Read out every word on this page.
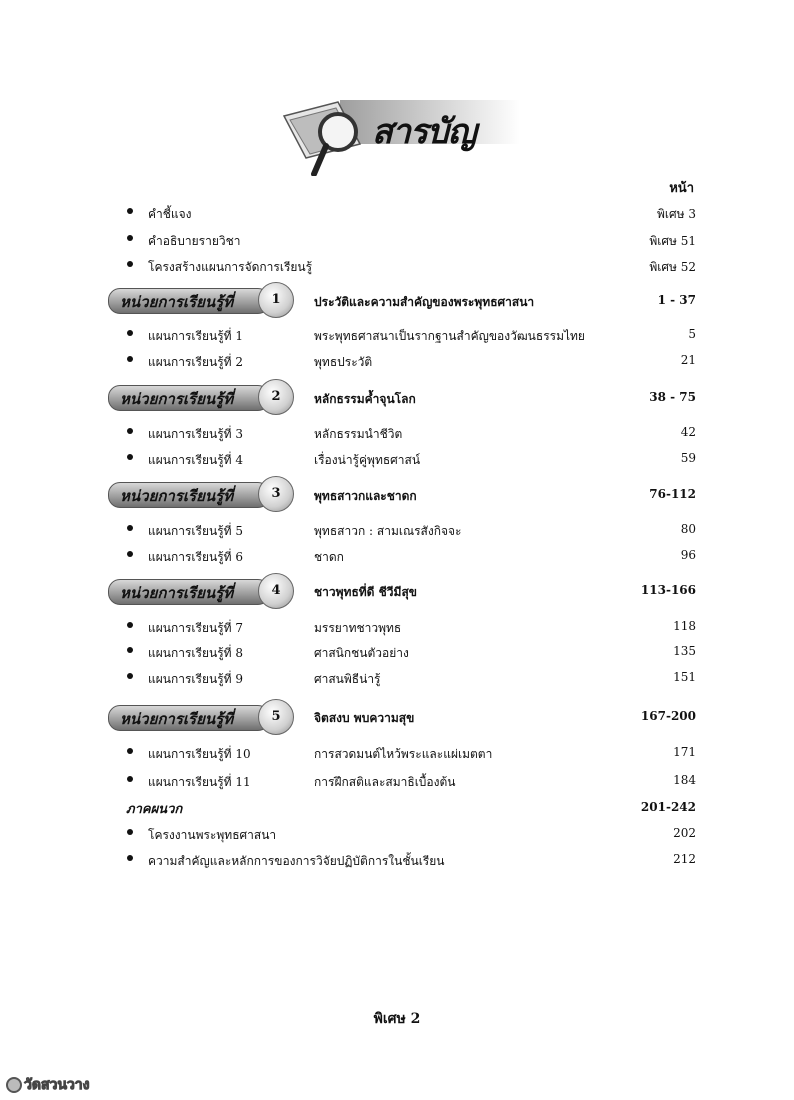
สารบัญ
หน้า
คำชี้แจง	พิเศษ 3
คำอธิบายรายวิชา	พิเศษ 51
โครงสร้างแผนการจัดการเรียนรู้	พิเศษ 52
หน่วยการเรียนรู้ที่	1	ประวัติและความสำคัญของพระพุทธศาสนา	1 - 37
แผนการเรียนรู้ที่ 1	พระพุทธศาสนาเป็นรากฐานสำคัญของวัฒนธรรมไทย	5
แผนการเรียนรู้ที่ 2	พุทธประวัติ	21
หน่วยการเรียนรู้ที่	2	หลักธรรมค้ำจุนโลก	38 - 75
แผนการเรียนรู้ที่ 3	หลักธรรมนำชีวิต	42
แผนการเรียนรู้ที่ 4	เรื่องน่ารู้คู่พุทธศาสน์	59
หน่วยการเรียนรู้ที่	3	พุทธสาวกและชาดก	76-112
แผนการเรียนรู้ที่ 5	พุทธสาวก : สามเณรสังกิจจะ	80
แผนการเรียนรู้ที่ 6	ชาดก	96
หน่วยการเรียนรู้ที่	4	ชาวพุทธที่ดี ชีวีมีสุข	113-166
แผนการเรียนรู้ที่ 7	มรรยาทชาวพุทธ	118
แผนการเรียนรู้ที่ 8	ศาสนิกชนตัวอย่าง	135
แผนการเรียนรู้ที่ 9	ศาสนพิธีน่ารู้	151
หน่วยการเรียนรู้ที่	5	จิตสงบ พบความสุข	167-200
แผนการเรียนรู้ที่ 10	การสวดมนต์ไหว้พระและแผ่เมตตา	171
แผนการเรียนรู้ที่ 11	การฝึกสติและสมาธิเบื้องต้น	184
ภาคผนวก	201-242
โครงงานพระพุทธศาสนา	202
ความสำคัญและหลักการของการวิจัยปฏิบัติการในชั้นเรียน	212
พิเศษ 2
วัดสวนวาง
